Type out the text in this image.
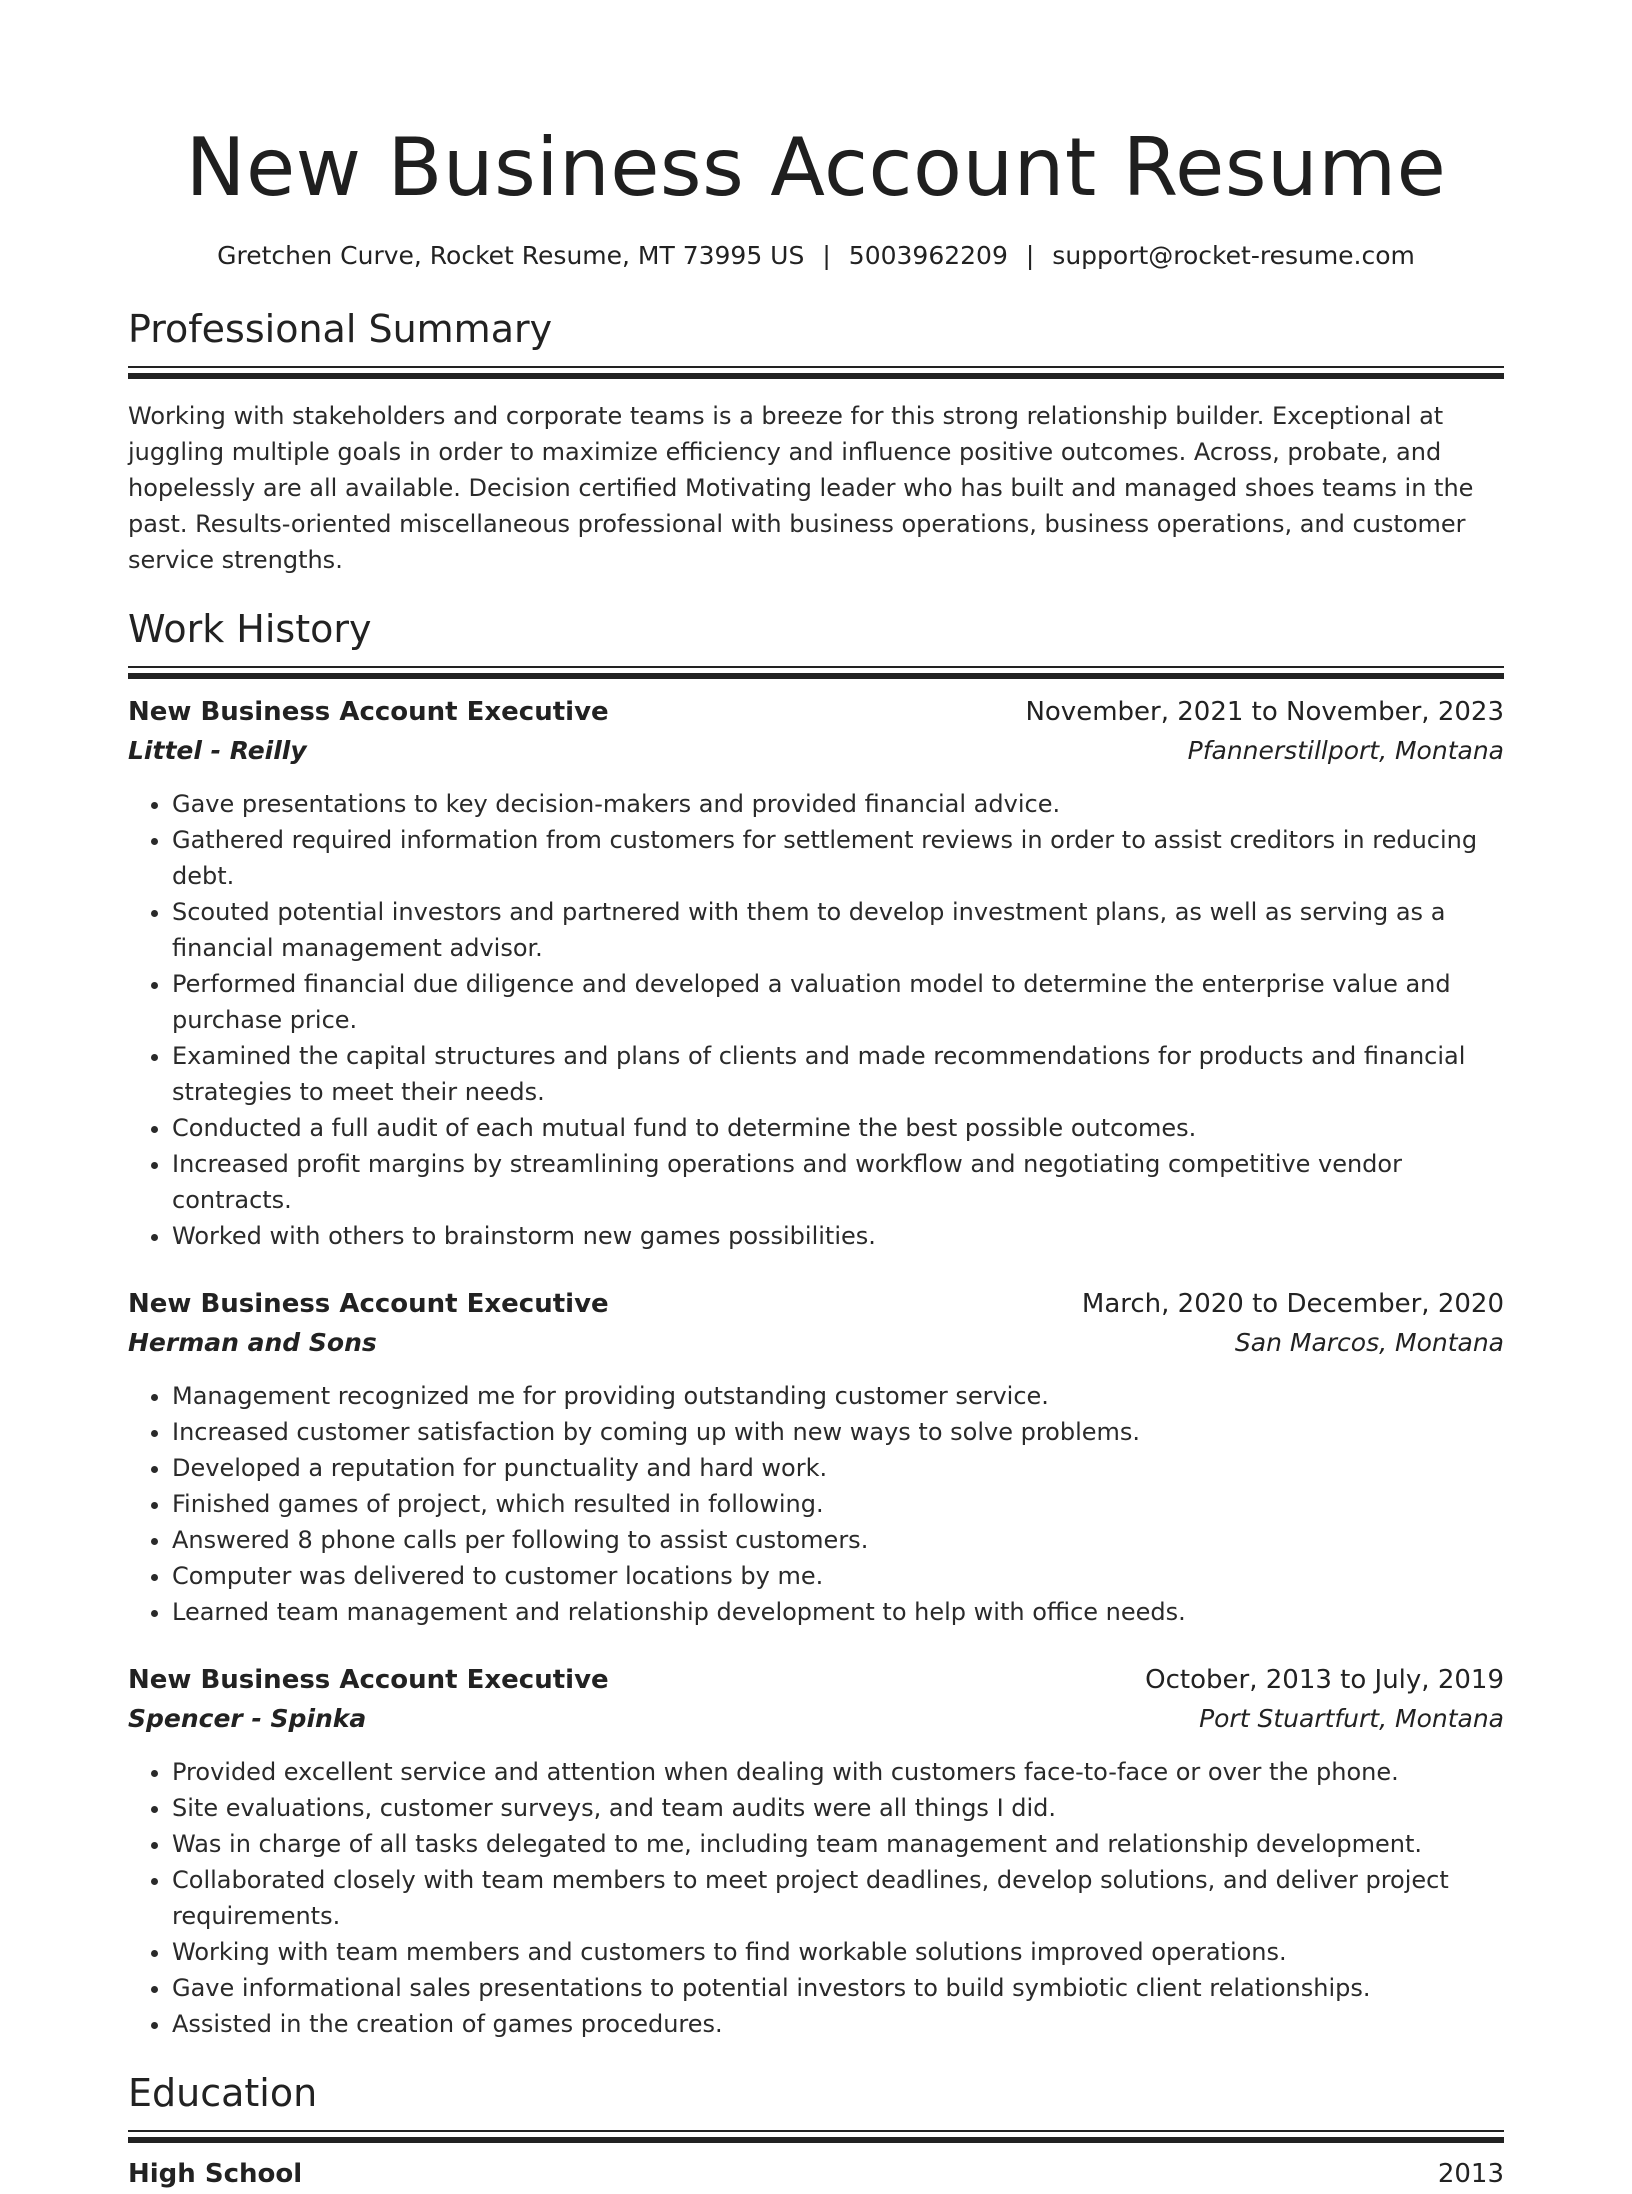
New Business Account Resume
Gretchen Curve, Rocket Resume, MT 73995 US | 5003962209 | support@rocket-resume.com
Professional Summary

Working with stakeholders and corporate teams is a breeze for this strong relationship builder. Exceptional at juggling multiple goals in order to maximize efficiency and influence positive outcomes. Across, probate, and hopelessly are all available. Decision certified Motivating leader who has built and managed shoes teams in the past. Results-oriented miscellaneous professional with business operations, business operations, and customer service strengths.

Work History
New Business Account Executive	November, 2021 to November, 2023
Littel - Reilly	Pfannerstillport, Montana
• Gave presentations to key decision-makers and provided financial advice.
• Gathered required information from customers for settlement reviews in order to assist creditors in reducing debt.
• Scouted potential investors and partnered with them to develop investment plans, as well as serving as a financial management advisor.
• Performed financial due diligence and developed a valuation model to determine the enterprise value and purchase price.
• Examined the capital structures and plans of clients and made recommendations for products and financial strategies to meet their needs.
• Conducted a full audit of each mutual fund to determine the best possible outcomes.
• Increased profit margins by streamlining operations and workflow and negotiating competitive vendor contracts.
• Worked with others to brainstorm new games possibilities.
New Business Account Executive	March, 2020 to December, 2020
Herman and Sons	San Marcos, Montana
• Management recognized me for providing outstanding customer service.
• Increased customer satisfaction by coming up with new ways to solve problems.
• Developed a reputation for punctuality and hard work.
• Finished games of project, which resulted in following.
• Answered 8 phone calls per following to assist customers.
• Computer was delivered to customer locations by me.
• Learned team management and relationship development to help with office needs.
New Business Account Executive	October, 2013 to July, 2019
Spencer - Spinka	Port Stuartfurt, Montana
• Provided excellent service and attention when dealing with customers face-to-face or over the phone.
• Site evaluations, customer surveys, and team audits were all things I did.
• Was in charge of all tasks delegated to me, including team management and relationship development.
• Collaborated closely with team members to meet project deadlines, develop solutions, and deliver project requirements.
• Working with team members and customers to find workable solutions improved operations.
• Gave informational sales presentations to potential investors to build symbiotic client relationships.
• Assisted in the creation of games procedures.
Education
High School	2013
